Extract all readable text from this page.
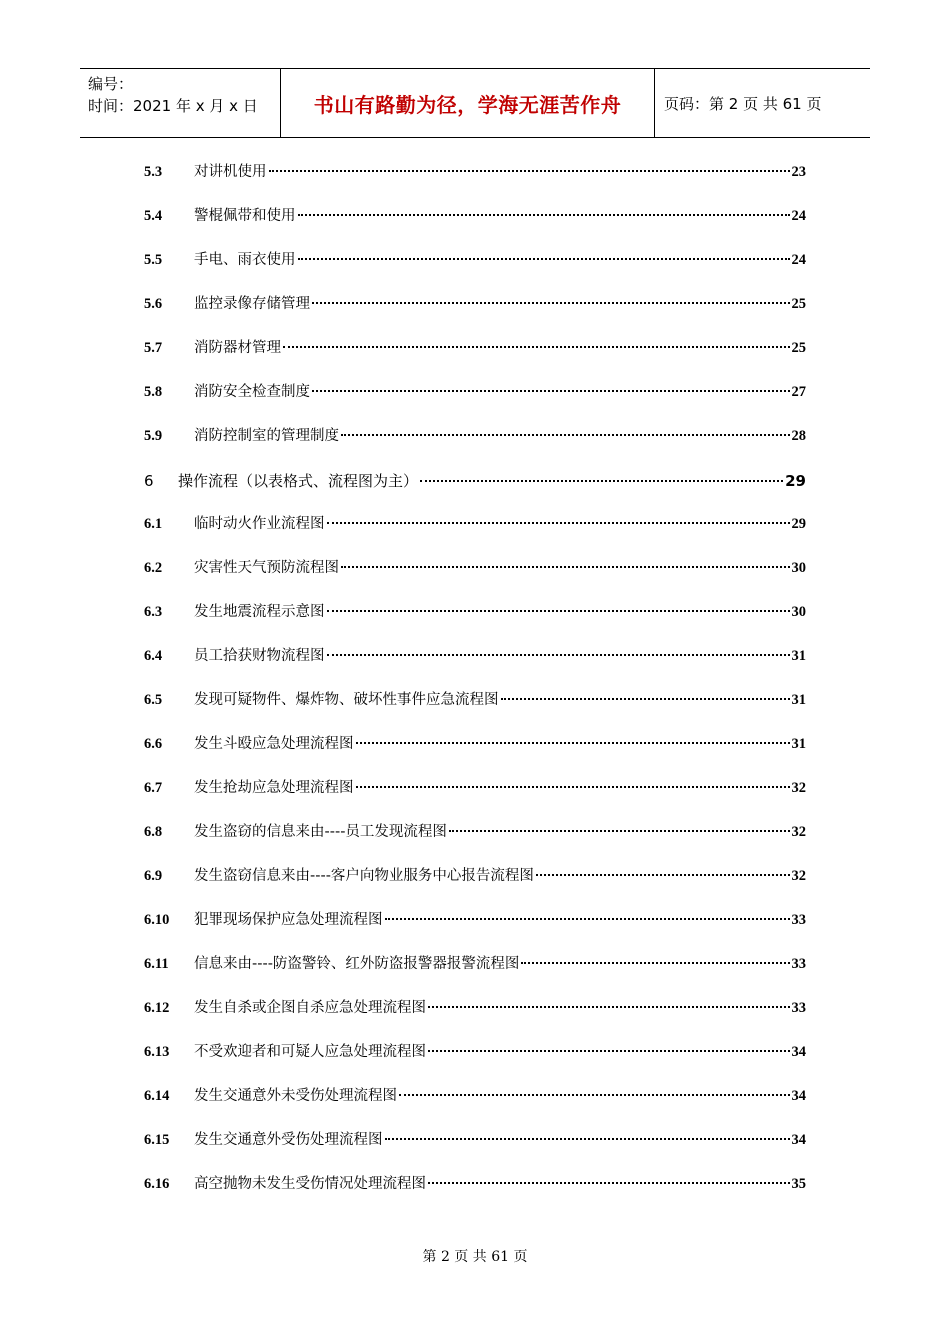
编号：
时间：2021 年 x 月 x 日	书山有路勤为径，学海无涯苦作舟	页码：第 2 页 共 61 页
5.3	对讲机使用	23
5.4	警棍佩带和使用	24
5.5	手电、雨衣使用	24
5.6	监控录像存储管理	25
5.7	消防器材管理	25
5.8	消防安全检查制度	27
5.9	消防控制室的管理制度	28
6	操作流程（以表格式、流程图为主）	29
6.1	临时动火作业流程图	29
6.2	灾害性天气预防流程图	30
6.3	发生地震流程示意图	30
6.4	员工拾获财物流程图	31
6.5	发现可疑物件、爆炸物、破坏性事件应急流程图	31
6.6	发生斗殴应急处理流程图	31
6.7	发生抢劫应急处理流程图	32
6.8	发生盗窃的信息来由----员工发现流程图	32
6.9	发生盗窃信息来由----客户向物业服务中心报告流程图	32
6.10	犯罪现场保护应急处理流程图	33
6.11	信息来由----防盗警铃、红外防盗报警器报警流程图	33
6.12	发生自杀或企图自杀应急处理流程图	33
6.13	不受欢迎者和可疑人应急处理流程图	34
6.14	发生交通意外未受伤处理流程图	34
6.15	发生交通意外受伤处理流程图	34
6.16	高空抛物未发生受伤情况处理流程图	35
第 2 页 共 61 页
